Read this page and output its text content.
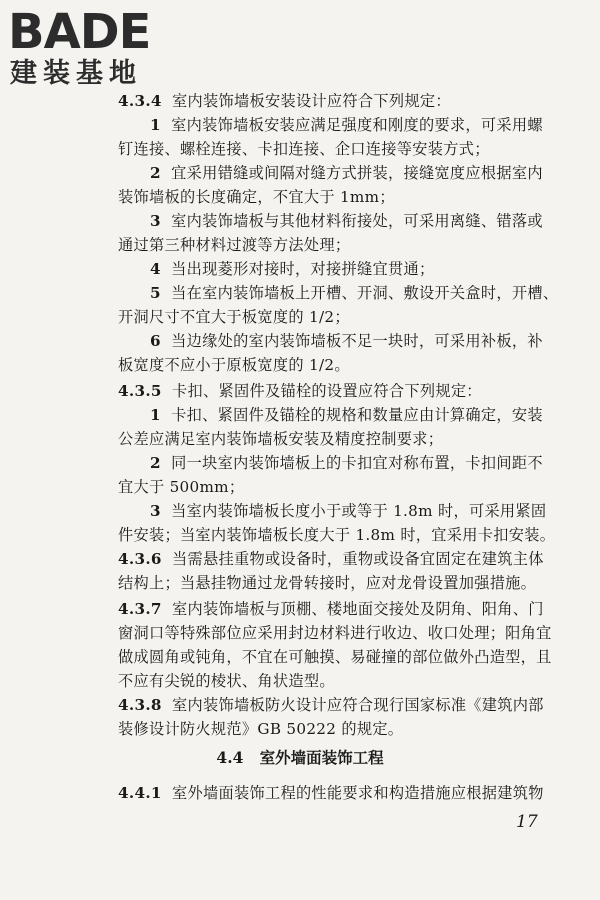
BADE
建装基地
4.3.4 室内装饰墙板安装设计应符合下列规定：
1 室内装饰墙板安装应满足强度和刚度的要求，可采用螺
钉连接、螺栓连接、卡扣连接、企口连接等安装方式；
2 宜采用错缝或间隔对缝方式拼装，接缝宽度应根据室内
装饰墙板的长度确定，不宜大于 1mm；
3 室内装饰墙板与其他材料衔接处，可采用离缝、错落或
通过第三种材料过渡等方法处理；
4 当出现菱形对接时，对接拼缝宜贯通；
5 当在室内装饰墙板上开槽、开洞、敷设开关盒时，开槽、
开洞尺寸不宜大于板宽度的 1/2；
6 当边缘处的室内装饰墙板不足一块时，可采用补板，补
板宽度不应小于原板宽度的 1/2。
4.3.5 卡扣、紧固件及锚栓的设置应符合下列规定：
1 卡扣、紧固件及锚栓的规格和数量应由计算确定，安装
公差应满足室内装饰墙板安装及精度控制要求；
2 同一块室内装饰墙板上的卡扣宜对称布置，卡扣间距不
宜大于 500mm；
3 当室内装饰墙板长度小于或等于 1.8m 时，可采用紧固
件安装；当室内装饰墙板长度大于 1.8m 时，宜采用卡扣安装。
4.3.6 当需悬挂重物或设备时，重物或设备宜固定在建筑主体
结构上；当悬挂物通过龙骨转接时，应对龙骨设置加强措施。
4.3.7 室内装饰墙板与顶棚、楼地面交接处及阴角、阳角、门
窗洞口等特殊部位应采用封边材料进行收边、收口处理；阳角宜
做成圆角或钝角，不宜在可触摸、易碰撞的部位做外凸造型，且
不应有尖锐的棱状、角状造型。
4.3.8 室内装饰墙板防火设计应符合现行国家标准《建筑内部
装修设计防火规范》GB 50222 的规定。
4.4 室外墙面装饰工程
4.4.1 室外墙面装饰工程的性能要求和构造措施应根据建筑物
17
